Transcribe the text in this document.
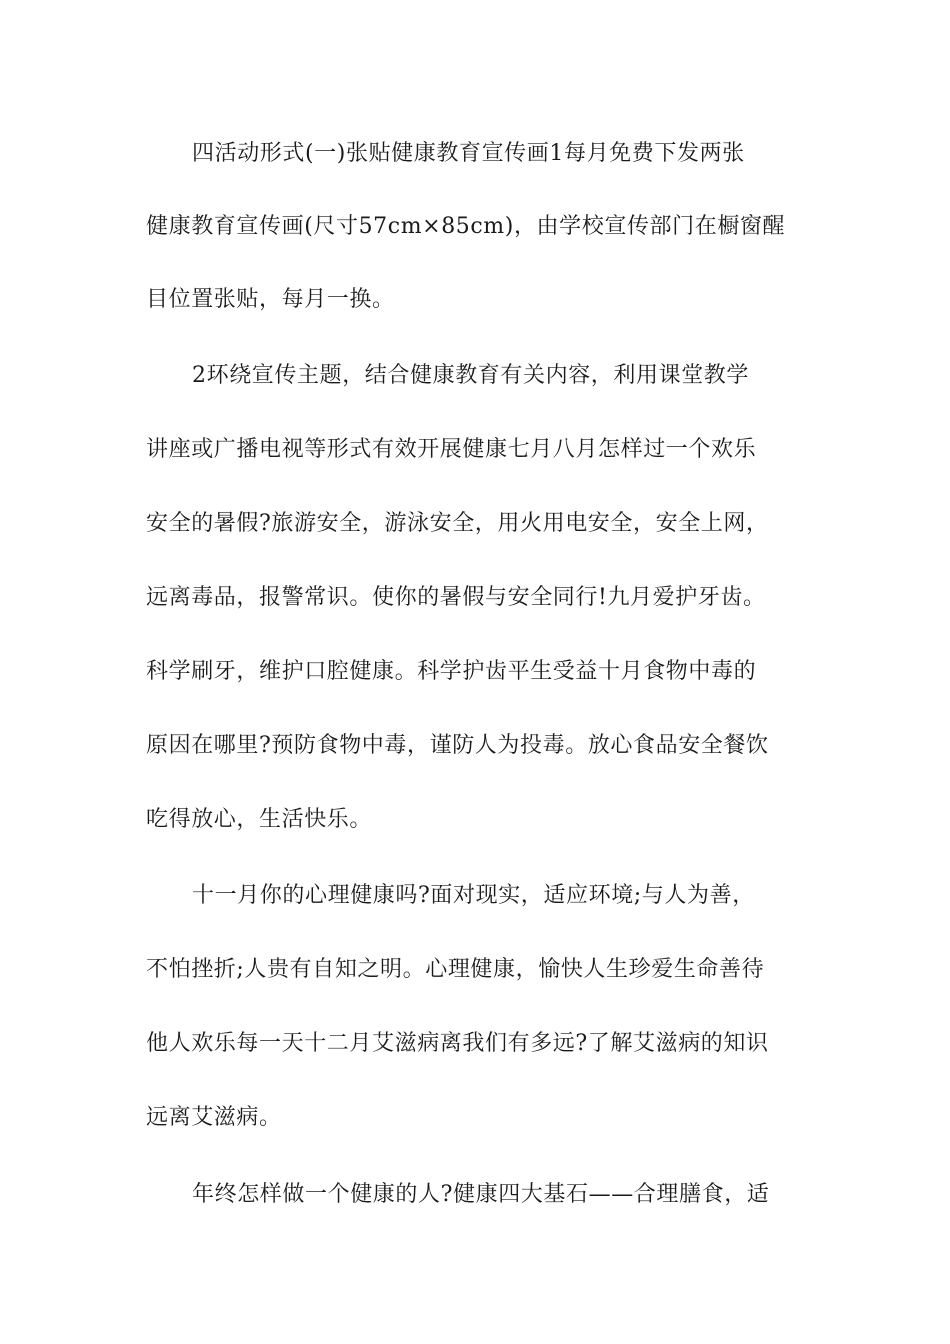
四活动形式(一)张贴健康教育宣传画1每月免费下发两张
健康教育宣传画(尺寸57cm×85cm)，由学校宣传部门在橱窗醒
目位置张贴，每月一换。
2环绕宣传主题，结合健康教育有关内容，利用课堂教学
讲座或广播电视等形式有效开展健康七月八月怎样过一个欢乐
安全的暑假?旅游安全，游泳安全，用火用电安全，安全上网，
远离毒品，报警常识。使你的暑假与安全同行!九月爱护牙齿。
科学刷牙，维护口腔健康。科学护齿平生受益十月食物中毒的
原因在哪里?预防食物中毒，谨防人为投毒。放心食品安全餐饮
吃得放心，生活快乐。
十一月你的心理健康吗?面对现实，适应环境;与人为善，
不怕挫折;人贵有自知之明。心理健康，愉快人生珍爱生命善待
他人欢乐每一天十二月艾滋病离我们有多远?了解艾滋病的知识
远离艾滋病。
年终怎样做一个健康的人?健康四大基石——合理膳食，适
